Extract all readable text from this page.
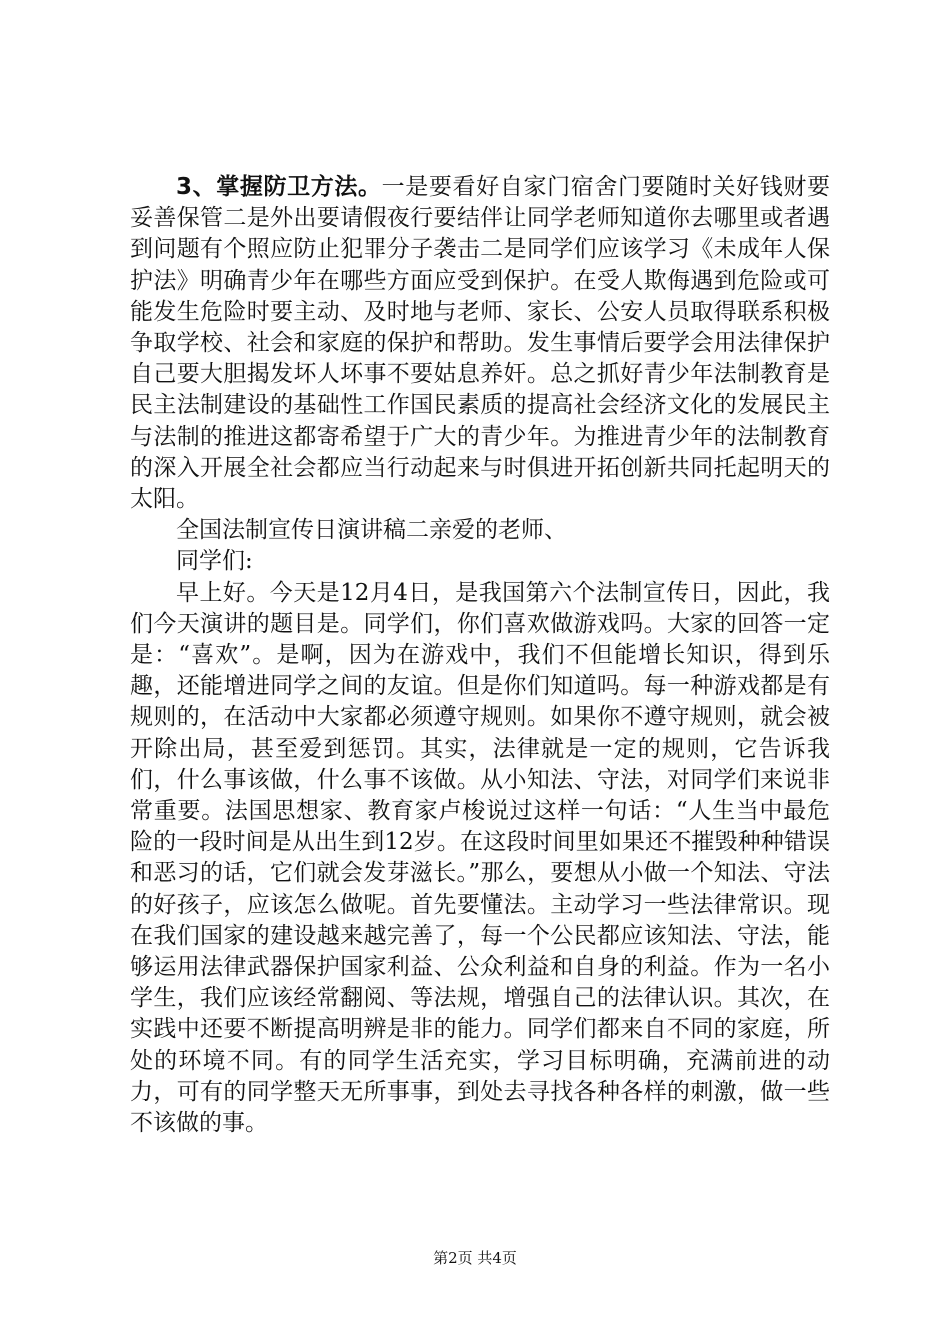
3、掌握防卫方法。一是要看好自家门宿舍门要随时关好钱财要妥善保管二是外出要请假夜行要结伴让同学老师知道你去哪里或者遇到问题有个照应防止犯罪分子袭击二是同学们应该学习《未成年人保护法》明确青少年在哪些方面应受到保护。在受人欺侮遇到危险或可能发生危险时要主动、及时地与老师、家长、公安人员取得联系积极争取学校、社会和家庭的保护和帮助。发生事情后要学会用法律保护自己要大胆揭发坏人坏事不要姑息养奸。总之抓好青少年法制教育是民主法制建设的基础性工作国民素质的提高社会经济文化的发展民主与法制的推进这都寄希望于广大的青少年。为推进青少年的法制教育的深入开展全社会都应当行动起来与时俱进开拓创新共同托起明天的太阳。

全国法制宣传日演讲稿二亲爱的老师、

同学们:

早上好。今天是12月4日，是我国第六个法制宣传日，因此，我们今天演讲的题目是。同学们，你们喜欢做游戏吗。大家的回答一定是：“喜欢”。是啊，因为在游戏中，我们不但能增长知识，得到乐趣，还能增进同学之间的友谊。但是你们知道吗。每一种游戏都是有规则的，在活动中大家都必须遵守规则。如果你不遵守规则，就会被开除出局，甚至爱到惩罚。其实，法律就是一定的规则，它告诉我们，什么事该做，什么事不该做。从小知法、守法，对同学们来说非常重要。法国思想家、教育家卢梭说过这样一句话：“人生当中最危险的一段时间是从出生到12岁。在这段时间里如果还不摧毁种种错误和恶习的话，它们就会发芽滋长。”那么，要想从小做一个知法、守法的好孩子，应该怎么做呢。首先要懂法。主动学习一些法律常识。现在我们国家的建设越来越完善了，每一个公民都应该知法、守法，能够运用法律武器保护国家利益、公众利益和自身的利益。作为一名小学生，我们应该经常翻阅、等法规，增强自己的法律认识。其次，在实践中还要不断提高明辨是非的能力。同学们都来自不同的家庭，所处的环境不同。有的同学生活充实，学习目标明确，充满前进的动力，可有的同学整天无所事事，到处去寻找各种各样的刺激，做一些不该做的事。

第2页 共4页
